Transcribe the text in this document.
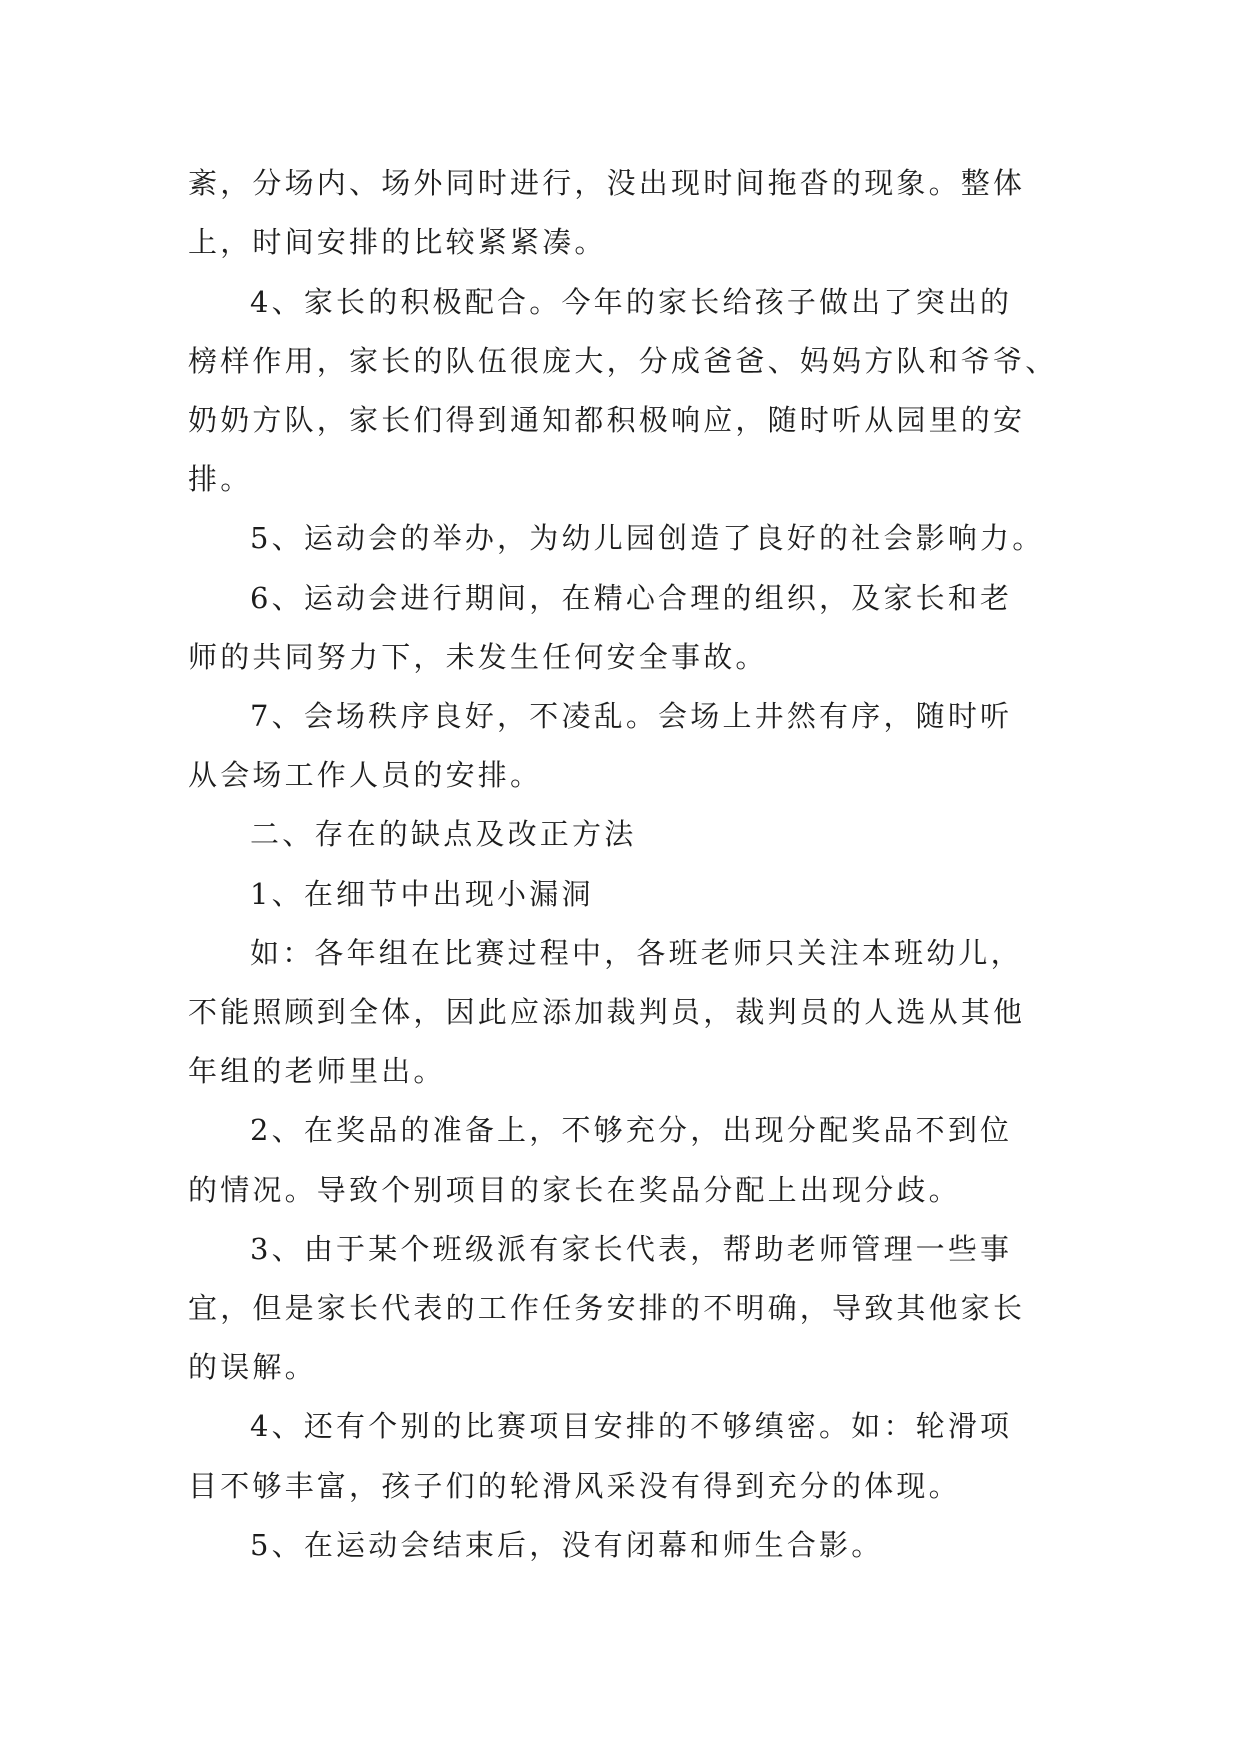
紊，分场内、场外同时进行，没出现时间拖沓的现象。整体
上，时间安排的比较紧紧凑。
4、家长的积极配合。今年的家长给孩子做出了突出的
榜样作用，家长的队伍很庞大，分成爸爸、妈妈方队和爷爷、
奶奶方队，家长们得到通知都积极响应，随时听从园里的安
排。
5、运动会的举办，为幼儿园创造了良好的社会影响力。
6、运动会进行期间，在精心合理的组织，及家长和老
师的共同努力下，未发生任何安全事故。
7、会场秩序良好，不凌乱。会场上井然有序，随时听
从会场工作人员的安排。
二、存在的缺点及改正方法
1、在细节中出现小漏洞
如：各年组在比赛过程中，各班老师只关注本班幼儿，
不能照顾到全体，因此应添加裁判员，裁判员的人选从其他
年组的老师里出。
2、在奖品的准备上，不够充分，出现分配奖品不到位
的情况。导致个别项目的家长在奖品分配上出现分歧。
3、由于某个班级派有家长代表，帮助老师管理一些事
宜，但是家长代表的工作任务安排的不明确，导致其他家长
的误解。
4、还有个别的比赛项目安排的不够缜密。如：轮滑项
目不够丰富，孩子们的轮滑风采没有得到充分的体现。
5、在运动会结束后，没有闭幕和师生合影。
